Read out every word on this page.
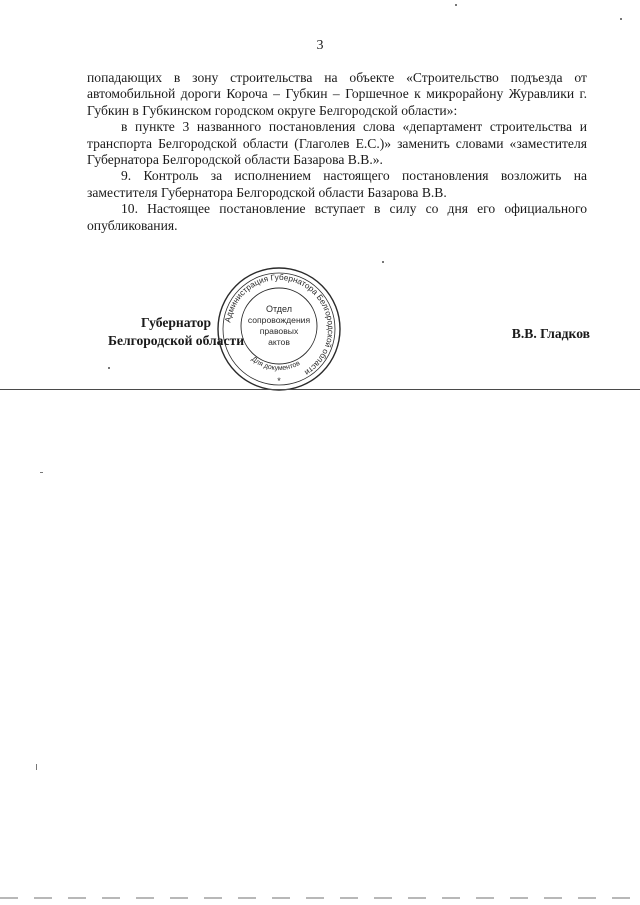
3

попадающих в зону строительства на объекте «Строительство подъезда от автомобильной дороги Короча – Губкин – Горшечное к микрорайону Журавлики г. Губкин в Губкинском городском округе Белгородской области»:

в пункте 3 названного постановления слова «департамент строительства и транспорта Белгородской области (Глаголев Е.С.)» заменить словами «заместителя Губернатора Белгородской области Базарова В.В.».

9. Контроль за исполнением настоящего постановления возложить на заместителя Губернатора Белгородской области Базарова В.В.

10. Настоящее постановление вступает в силу со дня его официального опубликования.

Губернатор
Белгородской области	В.В. Гладков
Администрация Губернатора Белгородской области
Для документов
Отдел
сопровождения
правовых
актов
*
